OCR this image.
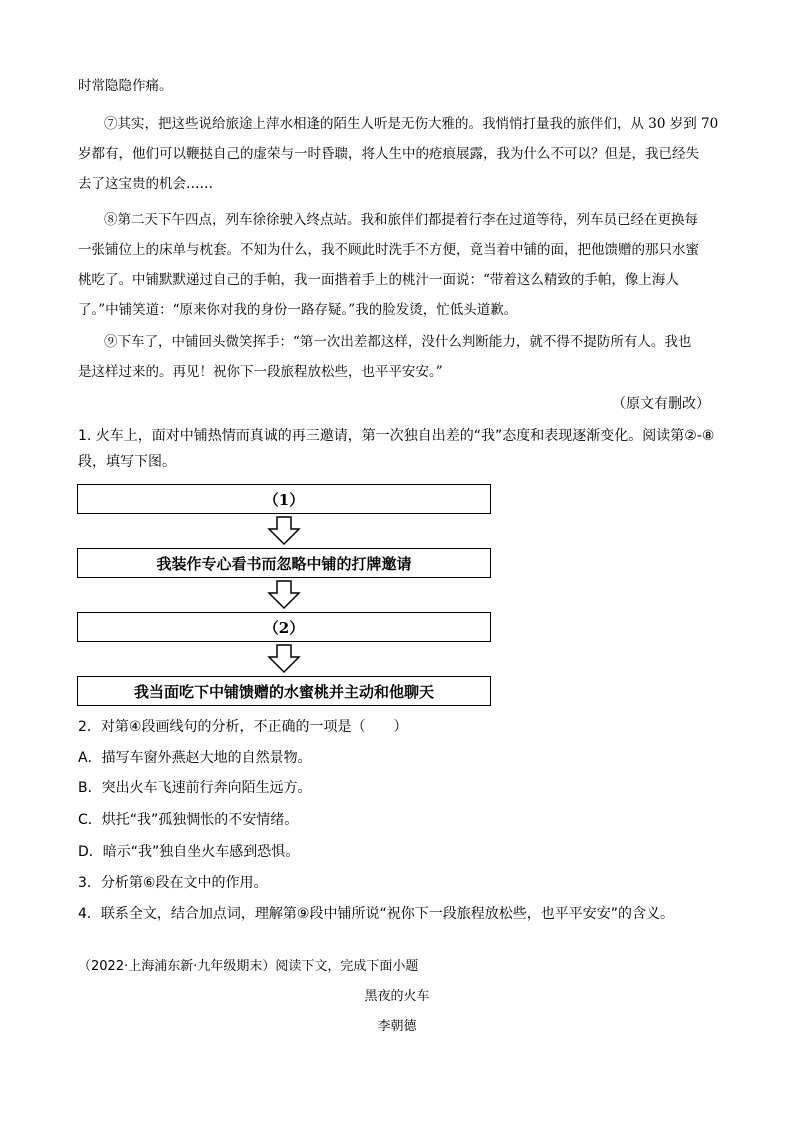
时常隐隐作痛。
⑦其实，把这些说给旅途上萍水相逢的陌生人听是无伤大雅的。我悄悄打量我的旅伴们，从 30 岁到 70
岁都有，他们可以鞭挞自己的虚荣与一时昏聩，将人生中的疮痕展露，我为什么不可以？但是，我已经失
去了这宝贵的机会……
⑧第二天下午四点，列车徐徐驶入终点站。我和旅伴们都提着行李在过道等待，列车员已经在更换每
一张铺位上的床单与枕套。不知为什么，我不顾此时洗手不方便，竟当着中铺的面，把他馈赠的那只水蜜
桃吃了。中铺默默递过自己的手帕，我一面揩着手上的桃汁一面说：“带着这么精致的手帕，像上海人
了。”中铺笑道：“原来你对我的身份一路存疑。”我的脸发烫，忙低头道歉。
⑨下车了，中铺回头微笑挥手：“第一次出差都这样，没什么判断能力，就不得不提防所有人。我也
是这样过来的。再见！祝你下一段旅程放松些，也平平安安。”
（原文有删改）
1. 火车上，面对中铺热情而真诚的再三邀请，第一次独自出差的“我”态度和表现逐渐变化。阅读第②-⑧
段，填写下图。
（1）
我装作专心看书而忽略中铺的打牌邀请
（2）
我当面吃下中铺馈赠的水蜜桃并主动和他聊天
2．对第④段画线句的分析，不正确的一项是（　　）
A．描写车窗外燕赵大地的自然景物。
B．突出火车飞速前行奔向陌生远方。
C．烘托“我”孤独惆怅的不安情绪。
D．暗示“我”独自坐火车感到恐惧。
3．分析第⑥段在文中的作用。
4．联系全文，结合加点词，理解第⑨段中铺所说“祝你下一段旅程放松些，也平平安安”的含义。
（2022·上海浦东新·九年级期末）阅读下文，完成下面小题
黑夜的火车
李朝德
